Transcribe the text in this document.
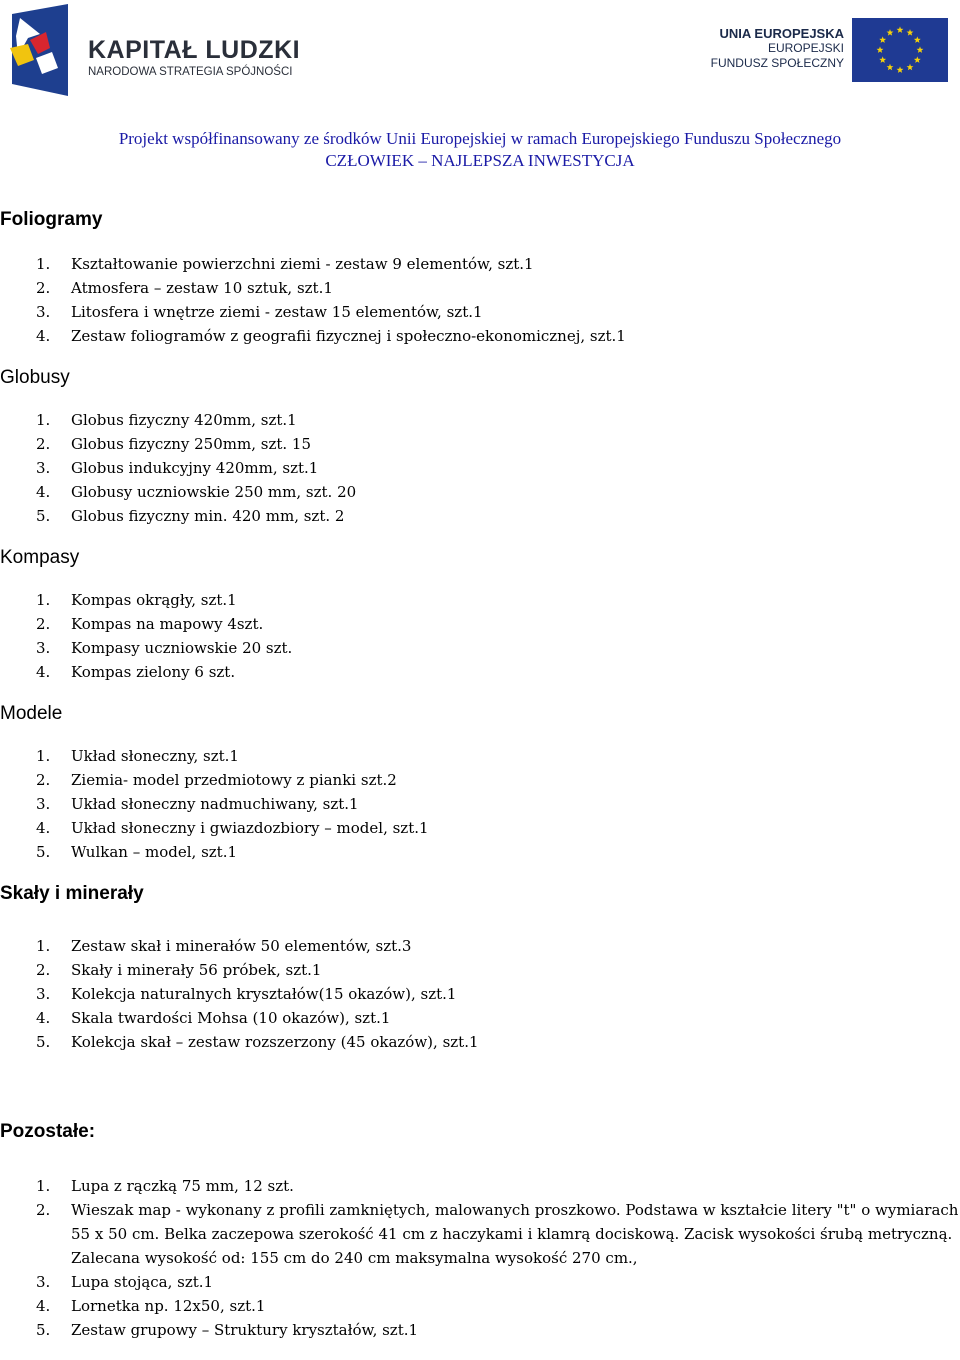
KAPITAŁ LUDZKI
NARODOWA STRATEGIA SPÓJNOŚCI
UNIA EUROPEJSKA
EUROPEJSKI
FUNDUSZ SPOŁECZNY
Projekt współfinansowany ze środków Unii Europejskiej w ramach Europejskiego Funduszu Społecznego
CZŁOWIEK – NAJLEPSZA INWESTYCJA
Foliogramy
1. Kształtowanie powierzchni ziemi - zestaw 9 elementów, szt.1
2. Atmosfera – zestaw 10 sztuk, szt.1
3. Litosfera i wnętrze ziemi - zestaw 15 elementów, szt.1
4. Zestaw foliogramów z geografii fizycznej i społeczno-ekonomicznej, szt.1
Globusy
1. Globus fizyczny 420mm, szt.1
2. Globus fizyczny 250mm, szt. 15
3. Globus indukcyjny 420mm, szt.1
4. Globusy uczniowskie 250 mm, szt. 20
5. Globus fizyczny min. 420 mm, szt. 2
Kompasy
1. Kompas okrągły, szt.1
2. Kompas na mapowy 4szt.
3. Kompasy uczniowskie 20 szt.
4. Kompas zielony 6 szt.
Modele
1. Układ słoneczny, szt.1
2. Ziemia- model przedmiotowy z pianki szt.2
3. Układ słoneczny nadmuchiwany, szt.1
4. Układ słoneczny i gwiazdozbiory – model, szt.1
5. Wulkan – model, szt.1
Skały i minerały
1. Zestaw skał i minerałów 50 elementów, szt.3
2. Skały i minerały 56 próbek, szt.1
3. Kolekcja naturalnych kryształów(15 okazów), szt.1
4. Skala twardości Mohsa (10 okazów), szt.1
5. Kolekcja skał – zestaw rozszerzony (45 okazów), szt.1
Pozostałe:
1. Lupa z rączką 75 mm, 12 szt.
2. Wieszak map - wykonany z profili zamkniętych, malowanych proszkowo. Podstawa w kształcie litery "t" o wymiarach 55 x 50 cm. Belka zaczepowa szerokość 41 cm z haczykami i klamrą dociskową. Zacisk wysokości śrubą metryczną. Zalecana wysokość od: 155 cm do 240 cm maksymalna wysokość 270 cm.,
3. Lupa stojąca, szt.1
4. Lornetka np. 12x50, szt.1
5. Zestaw grupowy – Struktury kryształów, szt.1
